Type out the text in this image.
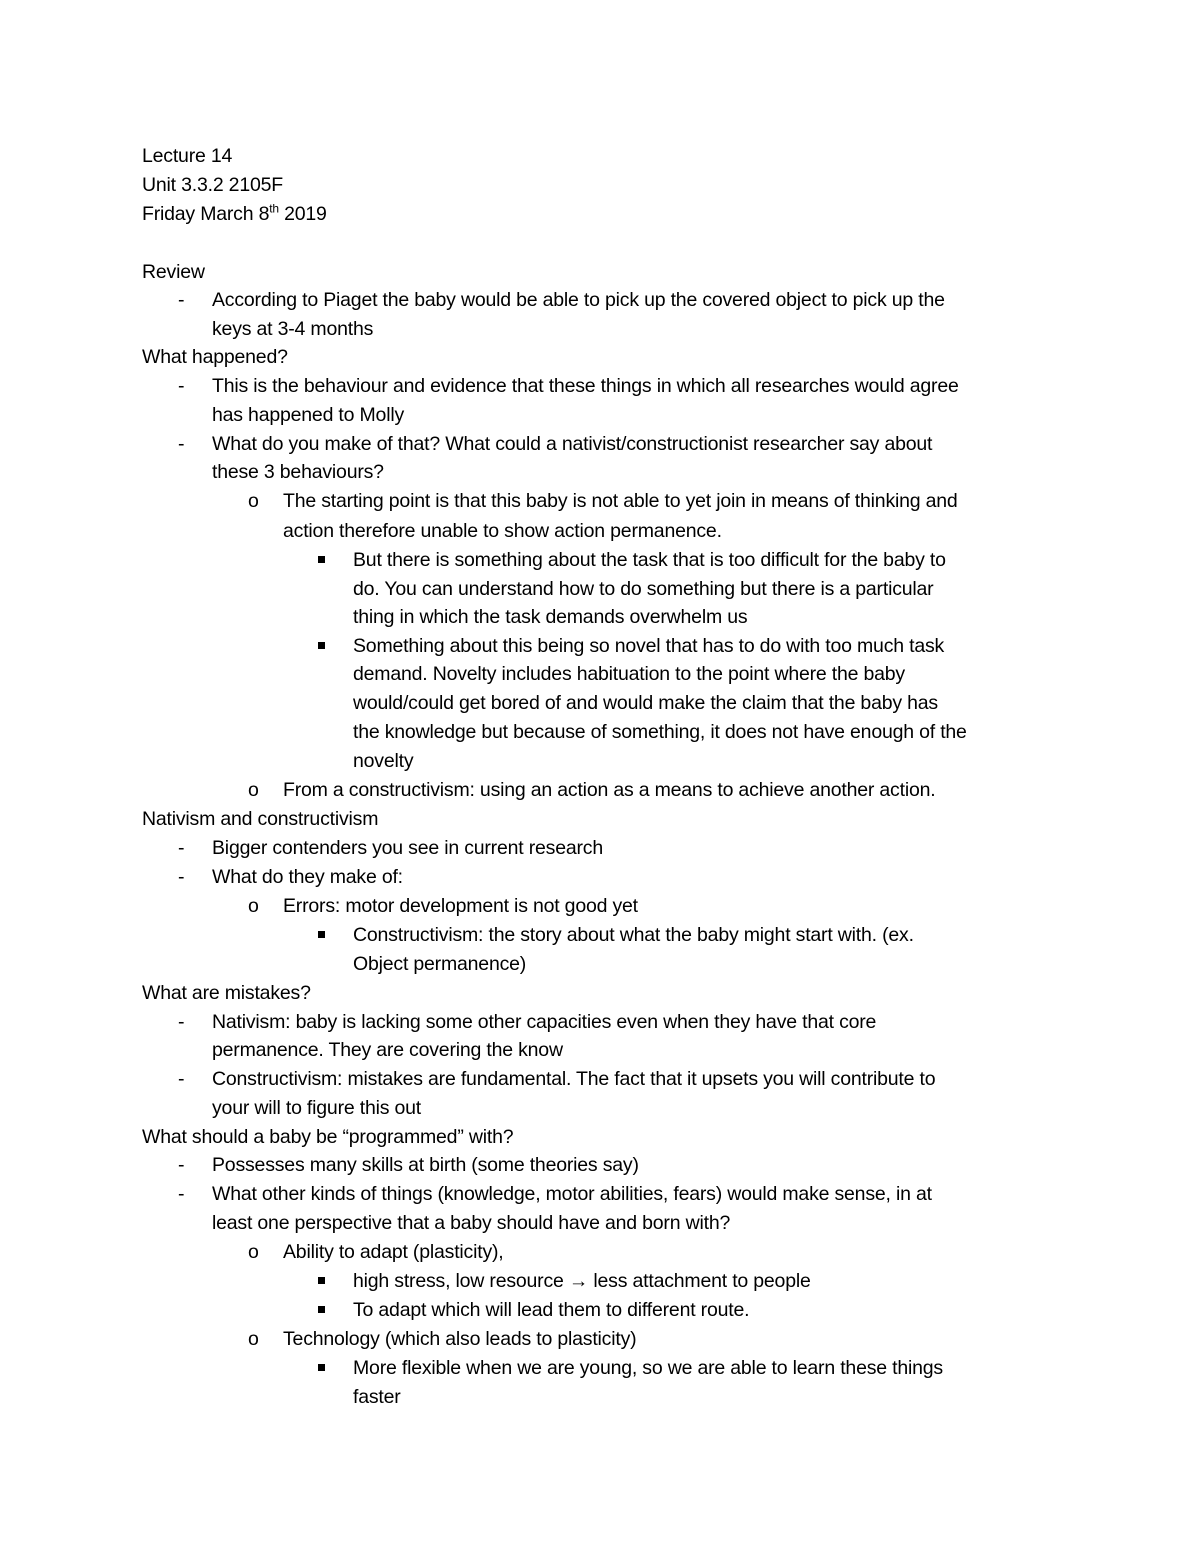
Lecture 14
Unit 3.3.2 2105F
Friday March 8th 2019
Review
- According to Piaget the baby would be able to pick up the covered object to pick up the
keys at 3-4 months
What happened?
- This is the behaviour and evidence that these things in which all researches would agree
has happened to Molly
- What do you make of that? What could a nativist/constructionist researcher say about
these 3 behaviours?
o The starting point is that this baby is not able to yet join in means of thinking and
action therefore unable to show action permanence.
But there is something about the task that is too difficult for the baby to
do. You can understand how to do something but there is a particular
thing in which the task demands overwhelm us
Something about this being so novel that has to do with too much task
demand. Novelty includes habituation to the point where the baby
would/could get bored of and would make the claim that the baby has
the knowledge but because of something, it does not have enough of the
novelty
o From a constructivism: using an action as a means to achieve another action.
Nativism and constructivism
- Bigger contenders you see in current research
- What do they make of:
o Errors: motor development is not good yet
Constructivism: the story about what the baby might start with. (ex.
Object permanence)
What are mistakes?
- Nativism: baby is lacking some other capacities even when they have that core
permanence. They are covering the know
- Constructivism: mistakes are fundamental. The fact that it upsets you will contribute to
your will to figure this out
What should a baby be “programmed” with?
- Possesses many skills at birth (some theories say)
- What other kinds of things (knowledge, motor abilities, fears) would make sense, in at
least one perspective that a baby should have and born with?
o Ability to adapt (plasticity),
high stress, low resource → less attachment to people
To adapt which will lead them to different route.
o Technology (which also leads to plasticity)
More flexible when we are young, so we are able to learn these things
faster
